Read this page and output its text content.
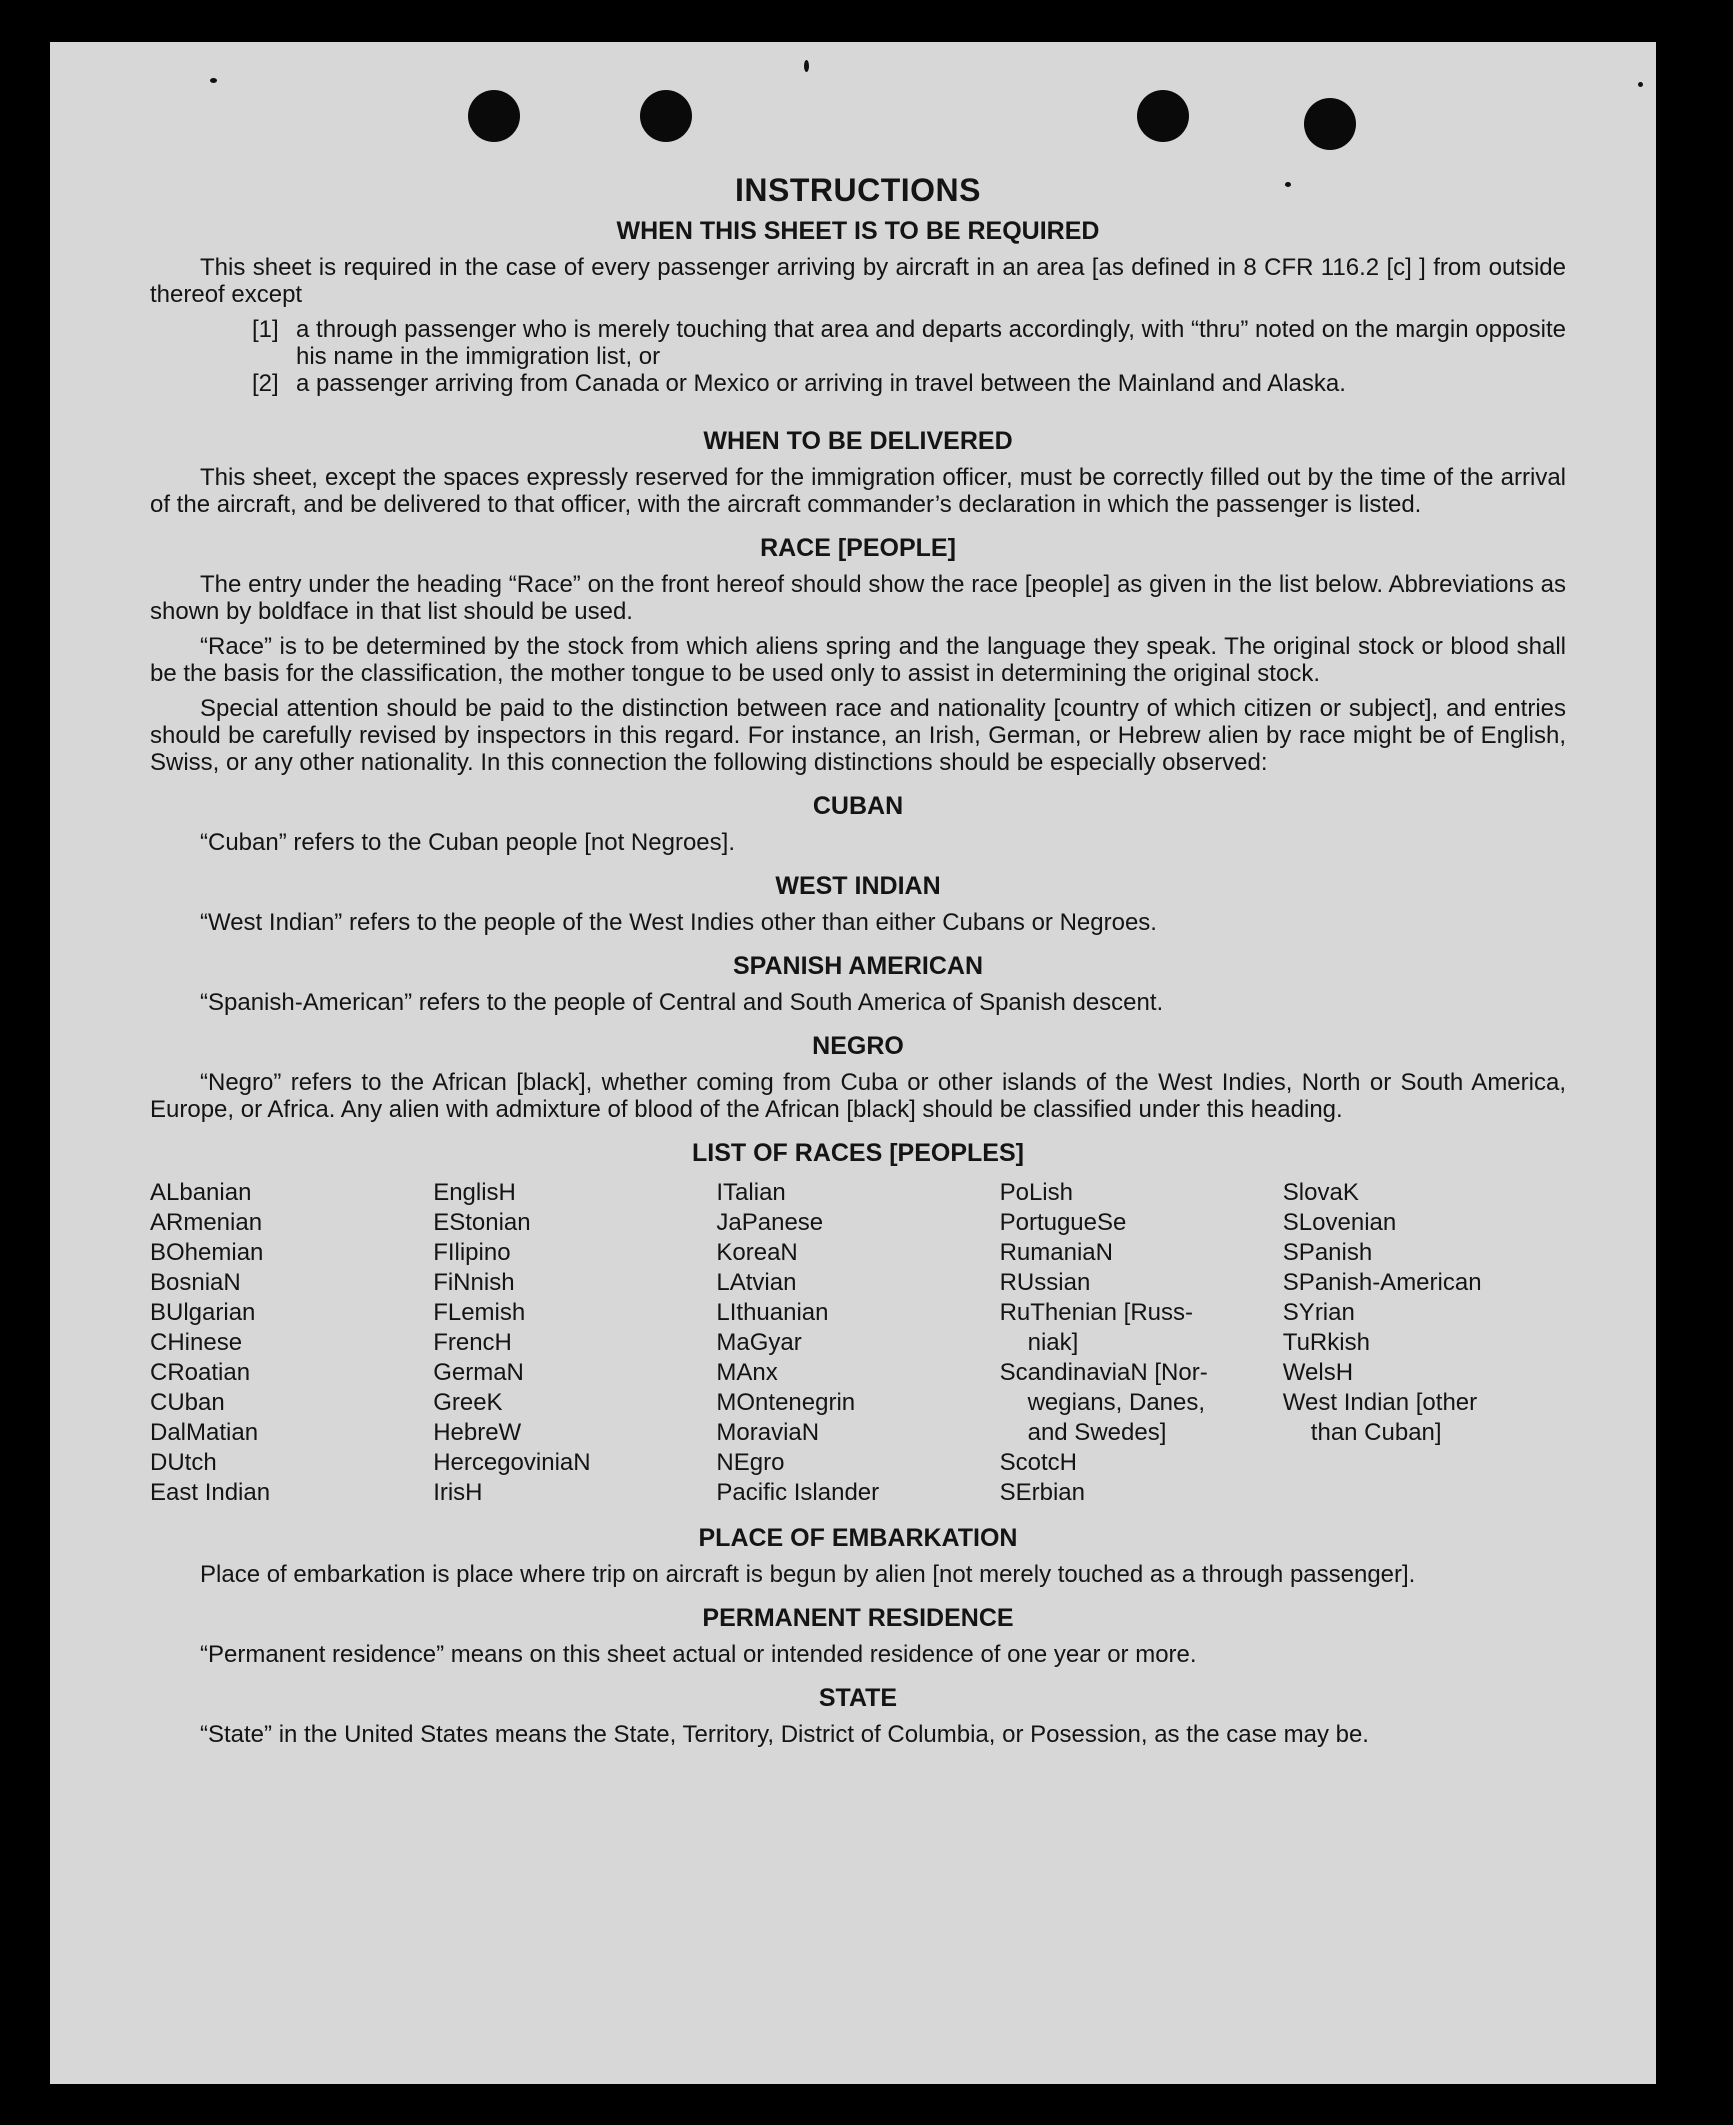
INSTRUCTIONS
WHEN THIS SHEET IS TO BE REQUIRED
This sheet is required in the case of every passenger arriving by aircraft in an area [as defined in 8 CFR 116.2 [c] ] from outside thereof except
[1] a through passenger who is merely touching that area and departs accordingly, with “thru” noted on the margin opposite his name in the immigration list, or
[2] a passenger arriving from Canada or Mexico or arriving in travel between the Mainland and Alaska.
WHEN TO BE DELIVERED
This sheet, except the spaces expressly reserved for the immigration officer, must be correctly filled out by the time of the arrival of the aircraft, and be delivered to that officer, with the aircraft commander’s declaration in which the passenger is listed.
RACE [PEOPLE]
The entry under the heading “Race” on the front hereof should show the race [people] as given in the list below. Abbreviations as shown by boldface in that list should be used.
“Race” is to be determined by the stock from which aliens spring and the language they speak. The original stock or blood shall be the basis for the classification, the mother tongue to be used only to assist in determining the original stock.
Special attention should be paid to the distinction between race and nationality [country of which citizen or subject], and entries should be carefully revised by inspectors in this regard. For instance, an Irish, German, or Hebrew alien by race might be of English, Swiss, or any other nationality. In this connection the following distinctions should be especially observed:
CUBAN
“Cuban” refers to the Cuban people [not Negroes].
WEST INDIAN
“West Indian” refers to the people of the West Indies other than either Cubans or Negroes.
SPANISH AMERICAN
“Spanish-American” refers to the people of Central and South America of Spanish descent.
NEGRO
“Negro” refers to the African [black], whether coming from Cuba or other islands of the West Indies, North or South America, Europe, or Africa. Any alien with admixture of blood of the African [black] should be classified under this heading.
LIST OF RACES [PEOPLES]
ALbanian
ARmenian
BOhemian
BosniaN
BUlgarian
CHinese
CRoatian
CUban
DalMatian
DUtch
East Indian
EnglisH
EStonian
FIlipino
FiNnish
FLemish
FrencH
GermaN
GreeK
HebreW
HercegoviniaN
IrisH
ITalian
JaPanese
KoreaN
LAtvian
LIthuanian
MaGyar
MAnx
MOntenegrin
MoraviaN
NEgro
Pacific Islander
PoLish
PortugueSe
RumaniaN
RUssian
RuThenian [Russ-
niak]
ScandinaviaN [Nor-
wegians, Danes,
and Swedes]
ScotcH
SErbian
SlovaK
SLovenian
SPanish
SPanish-American
SYrian
TuRkish
WelsH
West Indian [other
than Cuban]
PLACE OF EMBARKATION
Place of embarkation is place where trip on aircraft is begun by alien [not merely touched as a through passenger].
PERMANENT RESIDENCE
“Permanent residence” means on this sheet actual or intended residence of one year or more.
STATE
“State” in the United States means the State, Territory, District of Columbia, or Posession, as the case may be.
